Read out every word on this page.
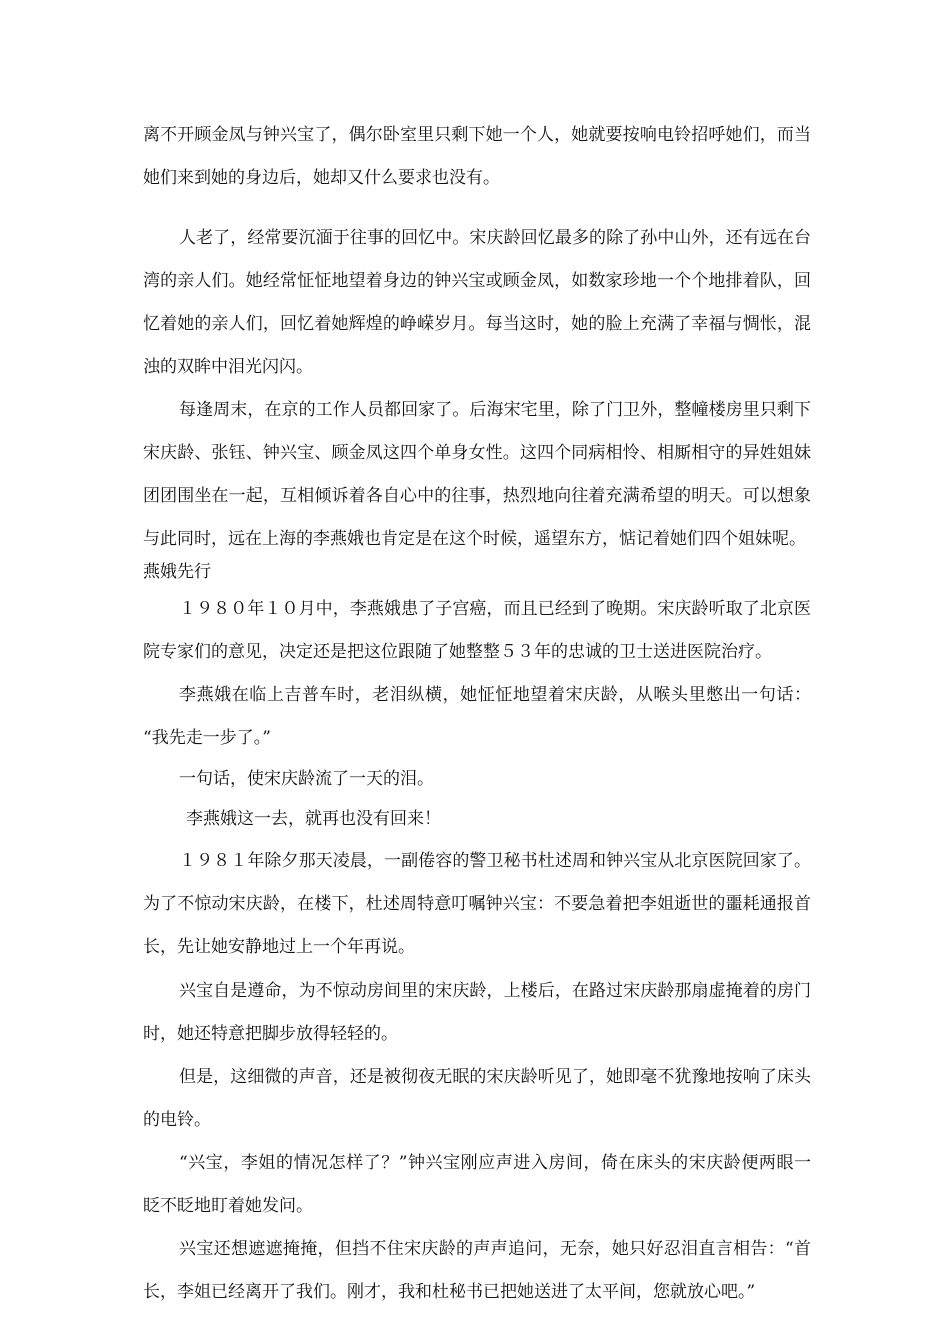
离不开顾金凤与钟兴宝了，偶尔卧室里只剩下她一个人，她就要按响电铃招呼她们，而当
她们来到她的身边后，她却又什么要求也没有。
人老了，经常要沉湎于往事的回忆中。宋庆龄回忆最多的除了孙中山外，还有远在台
湾的亲人们。她经常怔怔地望着身边的钟兴宝或顾金凤，如数家珍地一个个地排着队，回
忆着她的亲人们，回忆着她辉煌的峥嵘岁月。每当这时，她的脸上充满了幸福与惆怅，混
浊的双眸中泪光闪闪。
每逢周末，在京的工作人员都回家了。后海宋宅里，除了门卫外，整幢楼房里只剩下
宋庆龄、张钰、钟兴宝、顾金凤这四个单身女性。这四个同病相怜、相厮相守的异姓姐妹
团团围坐在一起，互相倾诉着各自心中的往事，热烈地向往着充满希望的明天。可以想象
与此同时，远在上海的李燕娥也肯定是在这个时候，遥望东方，惦记着她们四个姐妹呢。
燕娥先行
１９８０年１０月中，李燕娥患了子宫癌，而且已经到了晚期。宋庆龄听取了北京医
院专家们的意见，决定还是把这位跟随了她整整５３年的忠诚的卫士送进医院治疗。
李燕娥在临上吉普车时，老泪纵横，她怔怔地望着宋庆龄，从喉头里憋出一句话：
“我先走一步了。”
一句话，使宋庆龄流了一天的泪。
李燕娥这一去，就再也没有回来！
１９８１年除夕那天凌晨，一副倦容的警卫秘书杜述周和钟兴宝从北京医院回家了。
为了不惊动宋庆龄，在楼下，杜述周特意叮嘱钟兴宝：不要急着把李姐逝世的噩耗通报首
长，先让她安静地过上一个年再说。
兴宝自是遵命，为不惊动房间里的宋庆龄，上楼后，在路过宋庆龄那扇虚掩着的房门
时，她还特意把脚步放得轻轻的。
但是，这细微的声音，还是被彻夜无眠的宋庆龄听见了，她即毫不犹豫地按响了床头
的电铃。
“兴宝，李姐的情况怎样了？”钟兴宝刚应声进入房间，倚在床头的宋庆龄便两眼一
眨不眨地盯着她发问。
兴宝还想遮遮掩掩，但挡不住宋庆龄的声声追问，无奈，她只好忍泪直言相告：“首
长，李姐已经离开了我们。刚才，我和杜秘书已把她送进了太平间，您就放心吧。”
